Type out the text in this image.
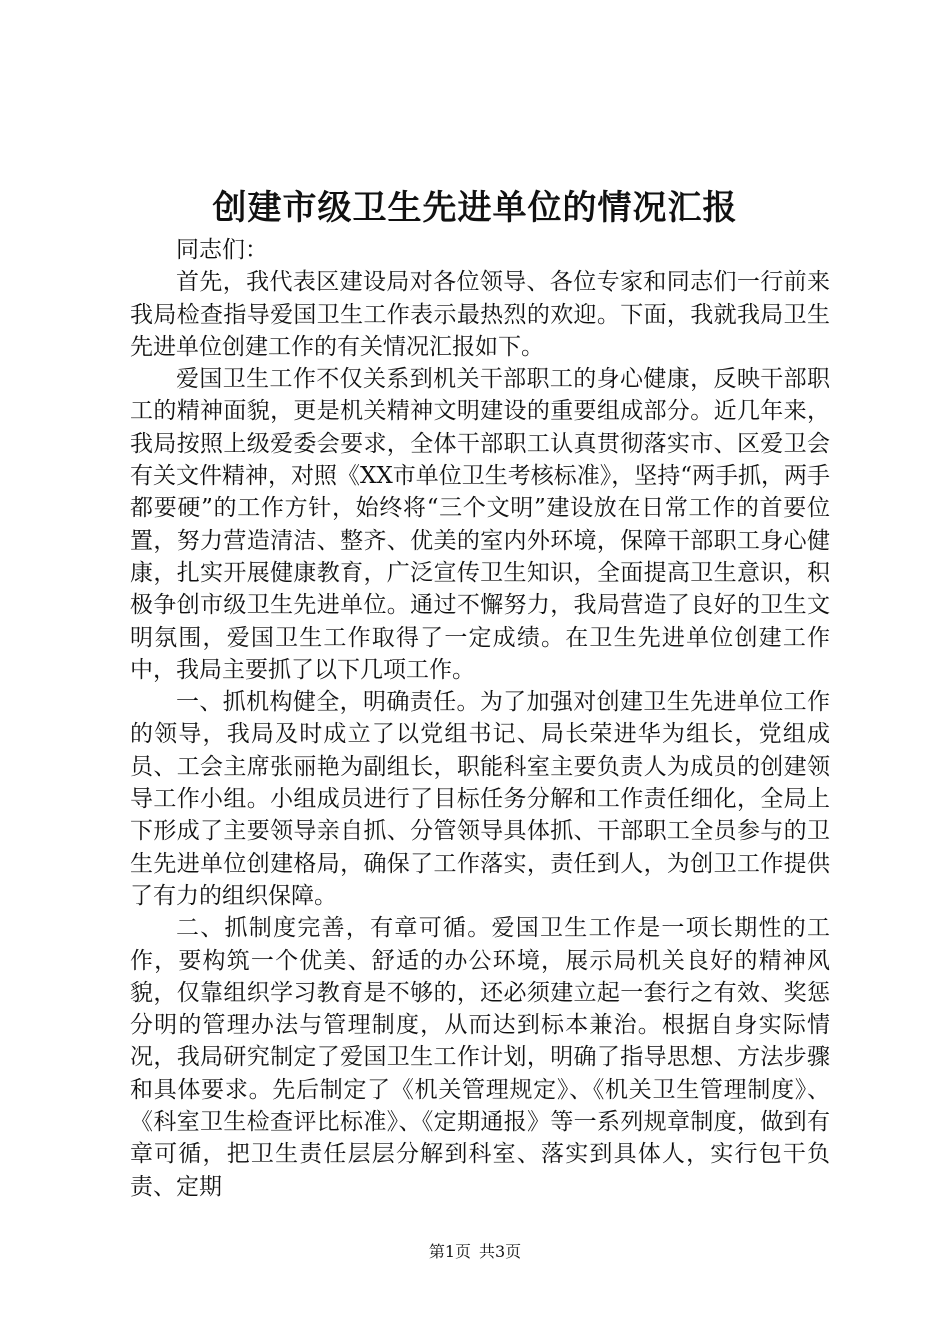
创建市级卫生先进单位的情况汇报

同志们：

首先，我代表区建设局对各位领导、各位专家和同志们一行前来我局检查指导爱国卫生工作表示最热烈的欢迎。下面，我就我局卫生先进单位创建工作的有关情况汇报如下。

爱国卫生工作不仅关系到机关干部职工的身心健康，反映干部职工的精神面貌，更是机关精神文明建设的重要组成部分。近几年来，我局按照上级爱委会要求，全体干部职工认真贯彻落实市、区爱卫会有关文件精神，对照《XX市单位卫生考核标准》，坚持“两手抓，两手都要硬”的工作方针，始终将“三个文明”建设放在日常工作的首要位置，努力营造清洁、整齐、优美的室内外环境，保障干部职工身心健康，扎实开展健康教育，广泛宣传卫生知识，全面提高卫生意识，积极争创市级卫生先进单位。通过不懈努力，我局营造了良好的卫生文明氛围，爱国卫生工作取得了一定成绩。在卫生先进单位创建工作中，我局主要抓了以下几项工作。

一、抓机构健全，明确责任。为了加强对创建卫生先进单位工作的领导，我局及时成立了以党组书记、局长荣进华为组长，党组成员、工会主席张丽艳为副组长，职能科室主要负责人为成员的创建领导工作小组。小组成员进行了目标任务分解和工作责任细化，全局上下形成了主要领导亲自抓、分管领导具体抓、干部职工全员参与的卫生先进单位创建格局，确保了工作落实，责任到人，为创卫工作提供了有力的组织保障。

二、抓制度完善，有章可循。爱国卫生工作是一项长期性的工作，要构筑一个优美、舒适的办公环境，展示局机关良好的精神风貌，仅靠组织学习教育是不够的，还必须建立起一套行之有效、奖惩分明的管理办法与管理制度，从而达到标本兼治。根据自身实际情况，我局研究制定了爱国卫生工作计划，明确了指导思想、方法步骤和具体要求。先后制定了《机关管理规定》、《机关卫生管理制度》、《科室卫生检查评比标准》、《定期通报》等一系列规章制度，做到有章可循，把卫生责任层层分解到科室、落实到具体人，实行包干负责、定期

第1页 共3页
